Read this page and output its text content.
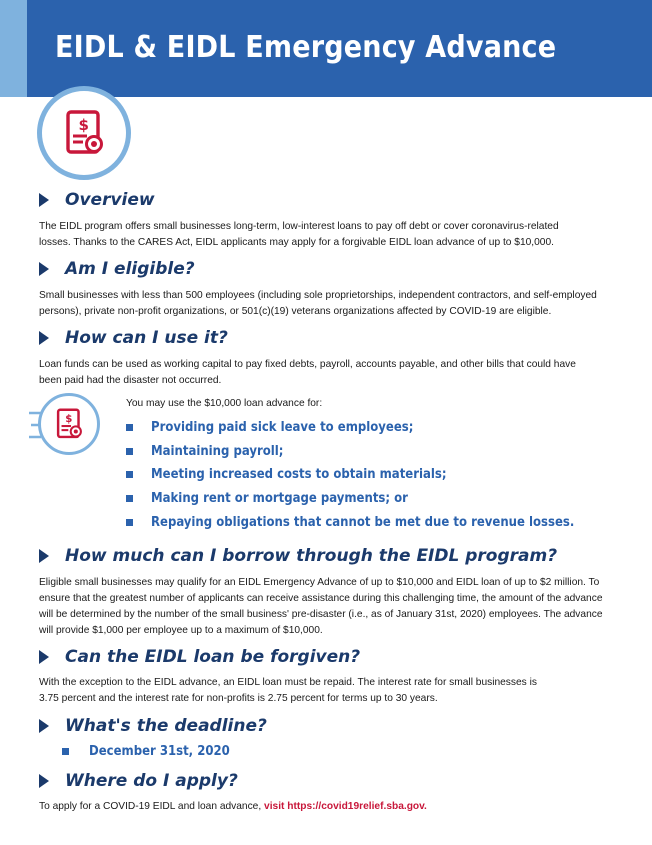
EIDL & EIDL Emergency Advance
$
Overview

The EIDL program offers small businesses long-term, low-interest loans to pay off debt or cover coronavirus-related losses. Thanks to the CARES Act, EIDL applicants may apply for a forgivable EIDL loan advance of up to $10,000.

Am I eligible?

Small businesses with less than 500 employees (including sole proprietorships, independent contractors, and self-employed persons), private non-profit organizations, or 501(c)(19) veterans organizations affected by COVID-19 are eligible.

How can I use it?

Loan funds can be used as working capital to pay fixed debts, payroll, accounts payable, and other bills that could have been paid had the disaster not occurred.

$
You may use the $10,000 loan advance for:
Providing paid sick leave to employees;
Maintaining payroll;
Meeting increased costs to obtain materials;
Making rent or mortgage payments; or
Repaying obligations that cannot be met due to revenue losses.
How much can I borrow through the EIDL program?

Eligible small businesses may qualify for an EIDL Emergency Advance of up to $10,000 and EIDL loan of up to $2 million. To ensure that the greatest number of applicants can receive assistance during this challenging time, the amount of the advance will be determined by the number of the small business' pre-disaster (i.e., as of January 31st, 2020) employees. The advance will provide $1,000 per employee up to a maximum of $10,000.

Can the EIDL loan be forgiven?

With the exception to the EIDL advance, an EIDL loan must be repaid. The interest rate for small businesses is 3.75 percent and the interest rate for non-profits is 2.75 percent for terms up to 30 years.

What's the deadline?
December 31st, 2020
Where do I apply?

To apply for a COVID-19 EIDL and loan advance, visit https://covid19relief.sba.gov.
